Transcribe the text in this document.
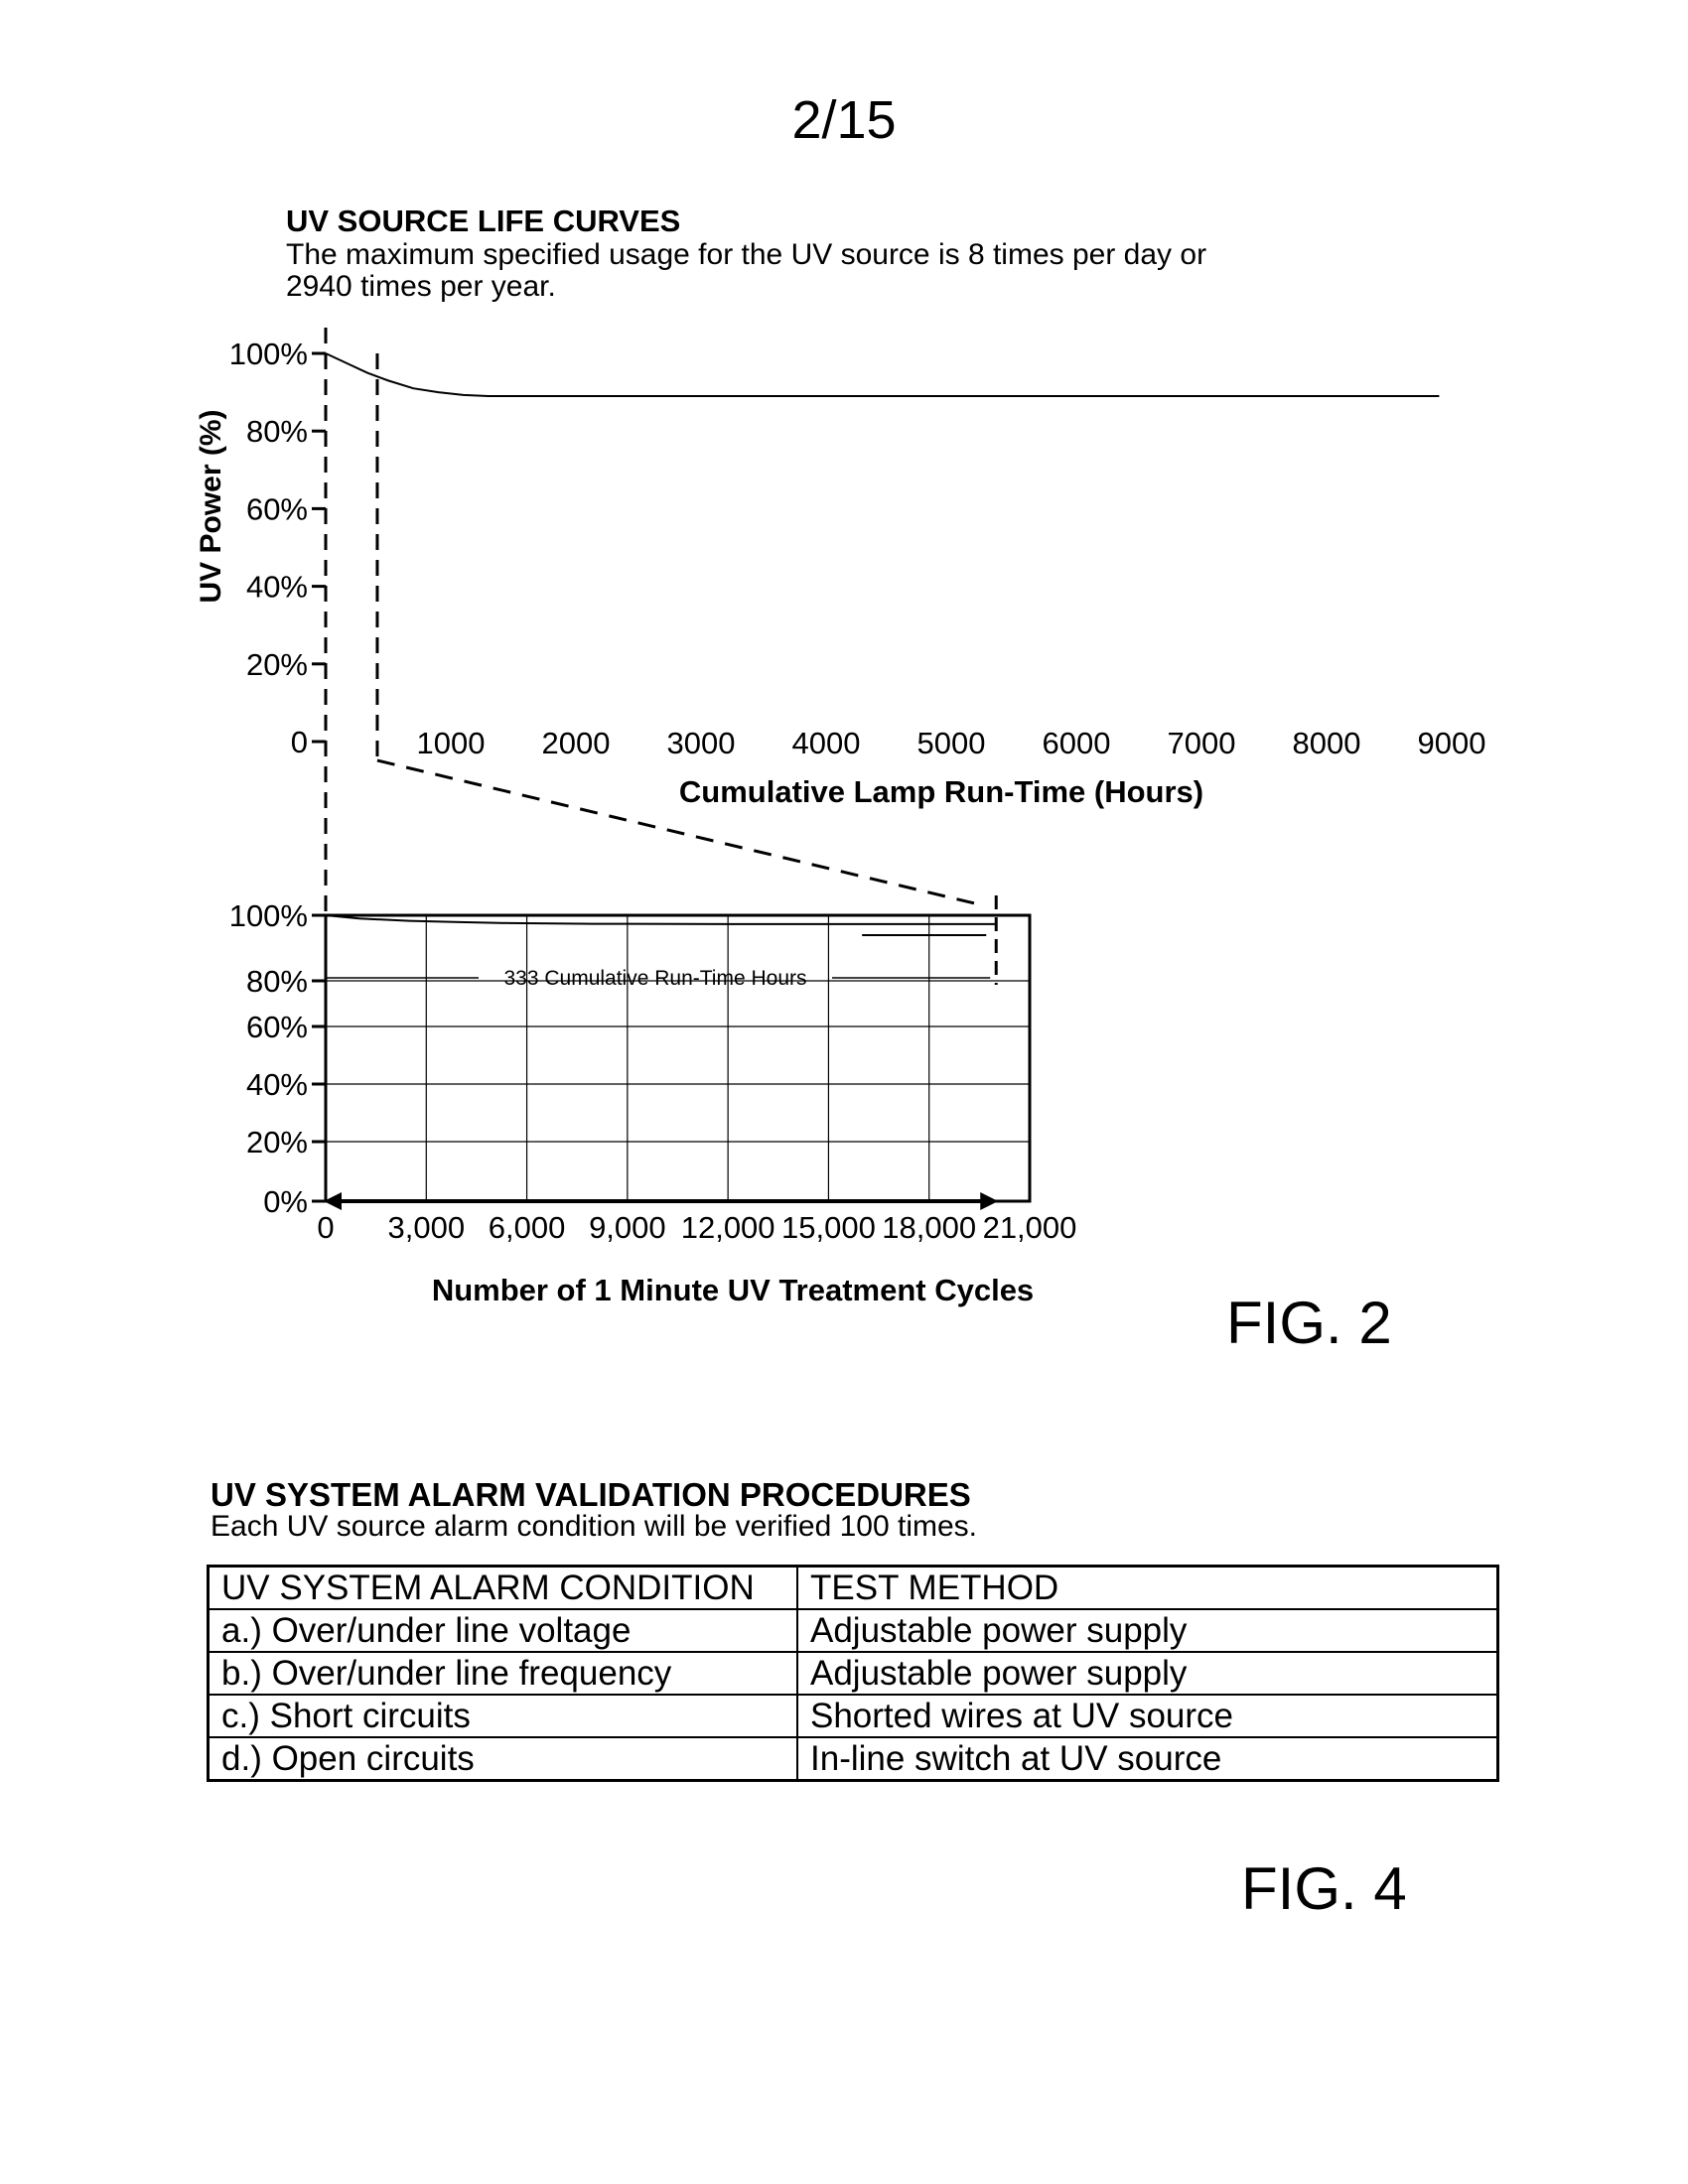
2/15
UV SOURCE LIFE CURVES
The maximum specified usage for the UV source is 8 times per day or
2940 times per year.
100%
80%
60%
40%
20%
0
UV Power (%)
1000 2000 3000 4000 5000 6000 7000 8000 9000
Cumulative Lamp Run-Time (Hours)
100%
80%
60%
40%
20%
0%
0 3,000 6,000 9,000 12,000 15,000 18,000 21,000
Number of 1 Minute UV Treatment Cycles
333 Cumulative Run-Time Hours
FIG. 2
UV SYSTEM ALARM VALIDATION PROCEDURES
Each UV source alarm condition will be verified 100 times.
UV SYSTEM ALARM CONDITION	TEST METHOD
a.) Over/under line voltage	Adjustable power supply
b.) Over/under line frequency	Adjustable power supply
c.) Short circuits	Shorted wires at UV source
d.) Open circuits	In-line switch at UV source
FIG. 4
